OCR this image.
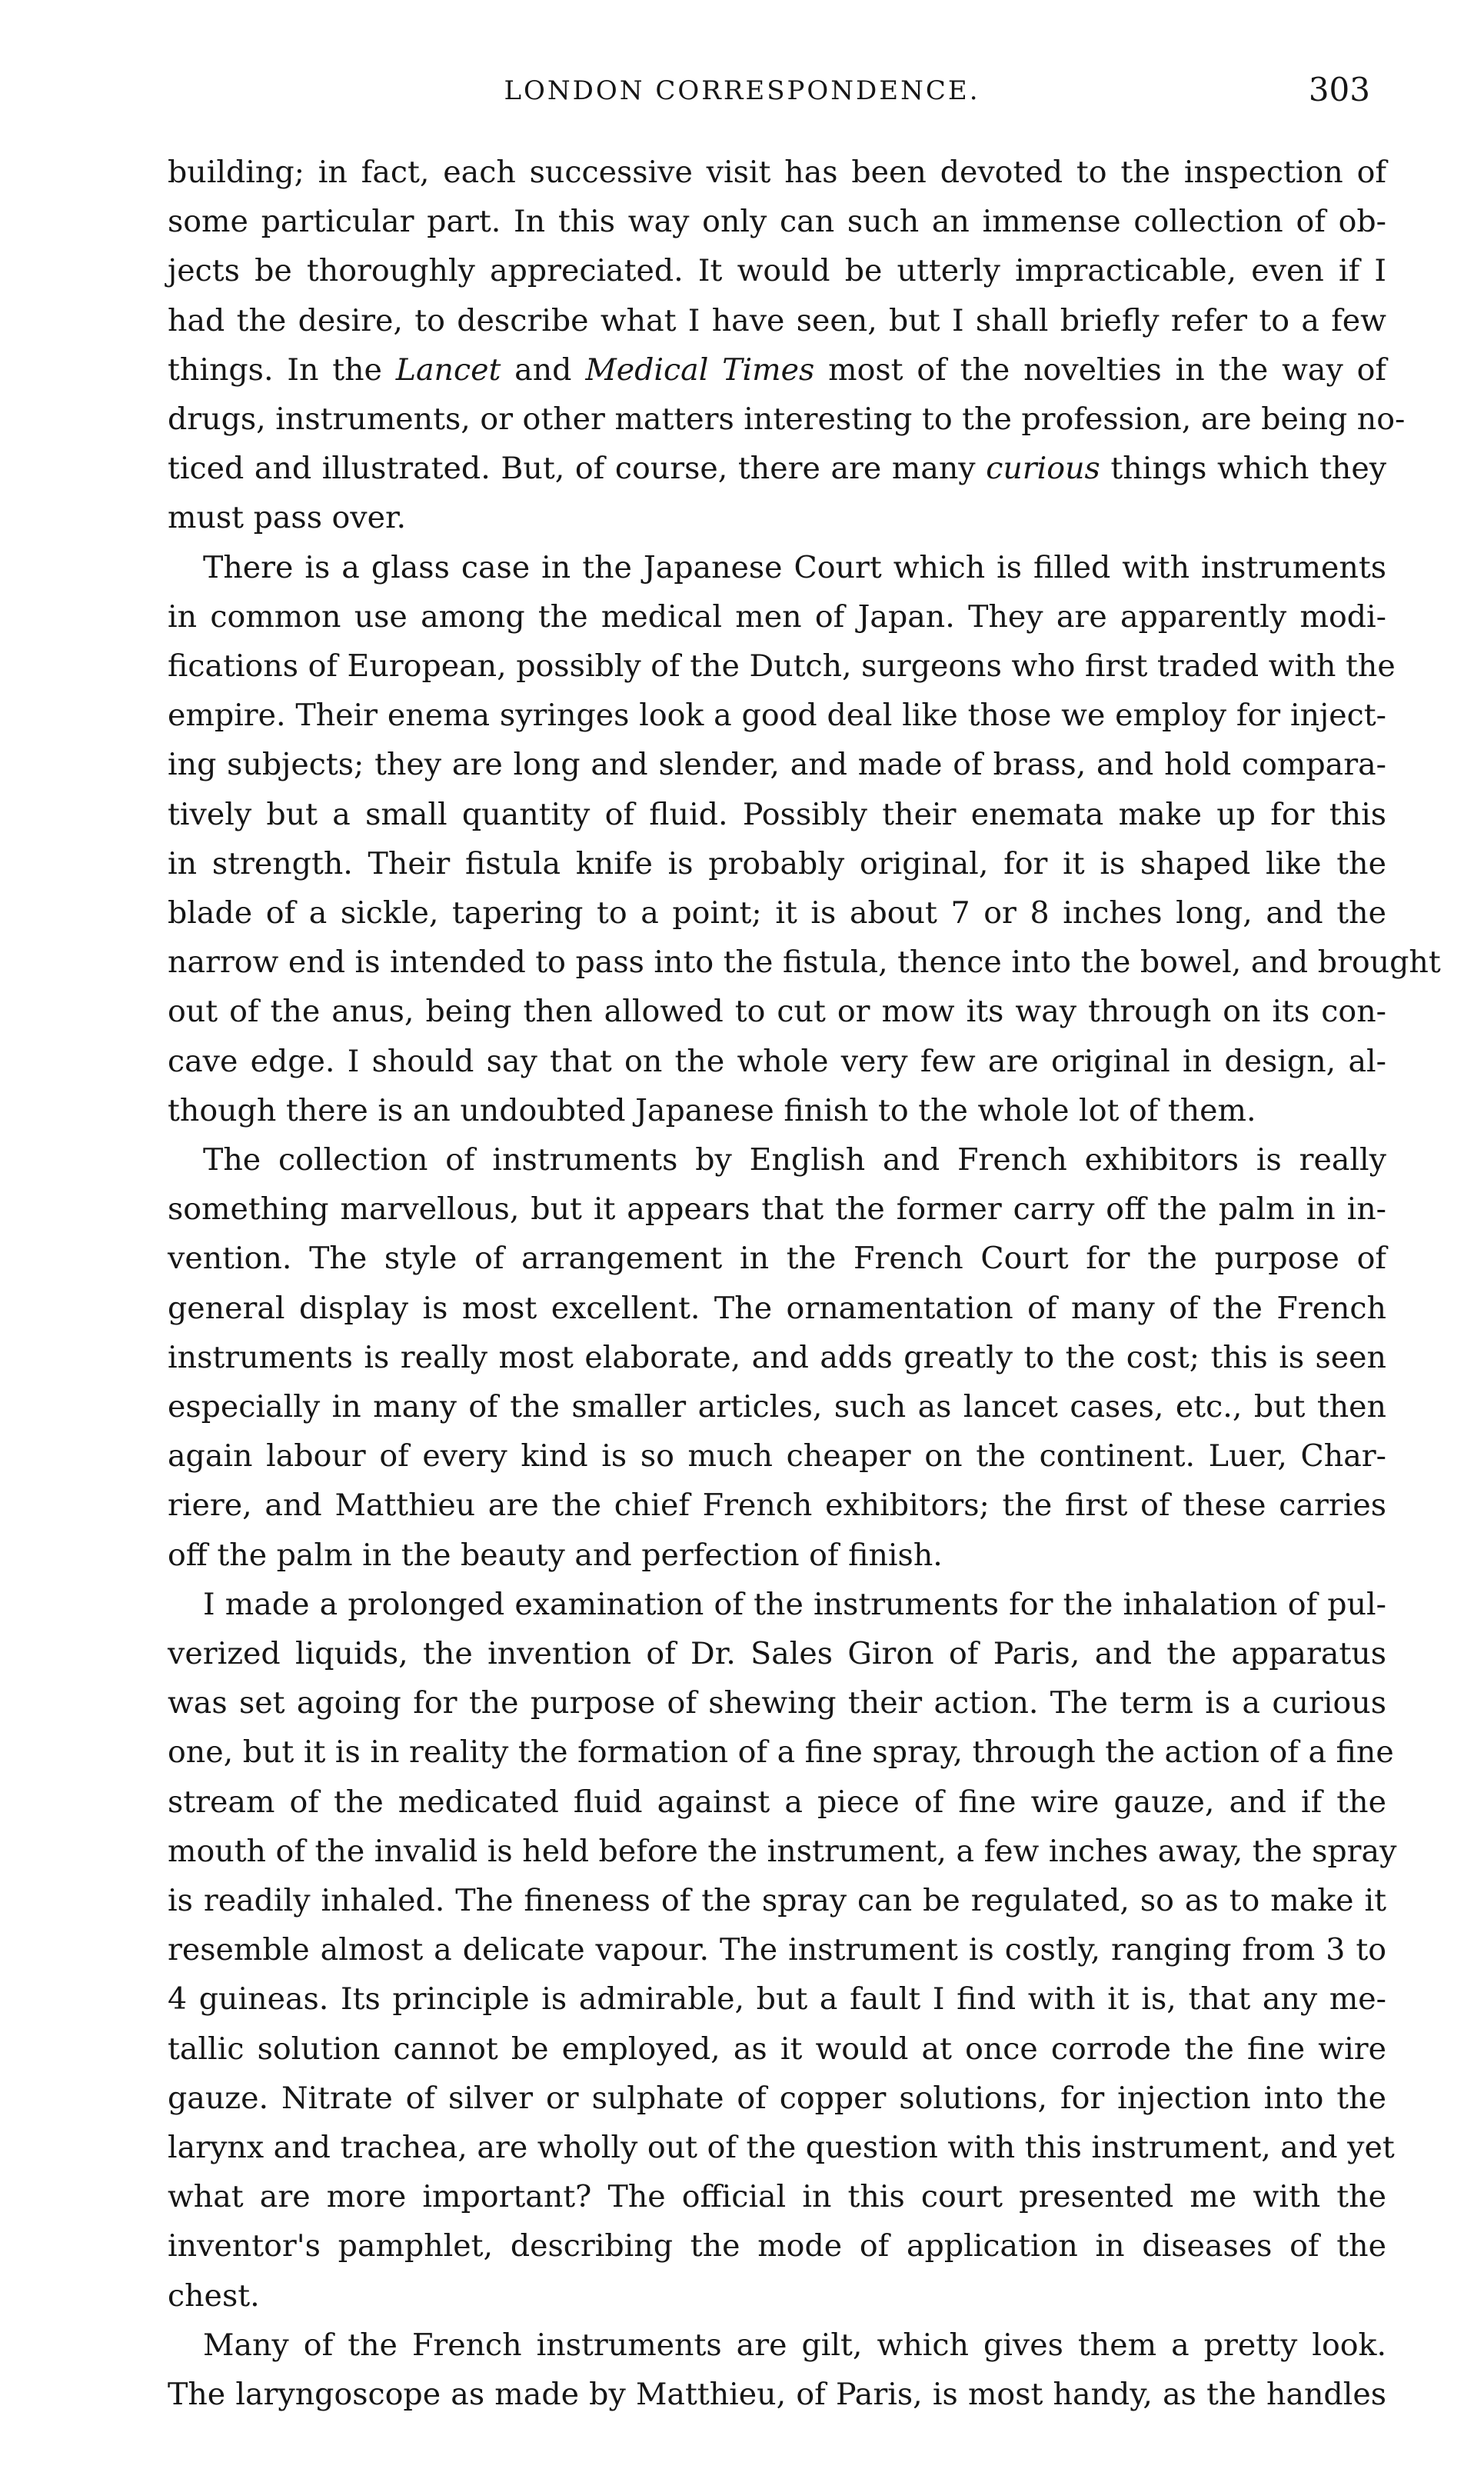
LONDON CORRESPONDENCE.	303
building; in fact, each successive visit has been devoted to the inspection of
some particular part. In this way only can such an immense collection of ob-
jects be thoroughly appreciated. It would be utterly impracticable, even if I
had the desire, to describe what I have seen, but I shall briefly refer to a few
things. In the Lancet and Medical Times most of the novelties in the way of
drugs, instruments, or other matters interesting to the profession, are being no-
ticed and illustrated. But, of course, there are many curious things which they
must pass over.
There is a glass case in the Japanese Court which is filled with instruments
in common use among the medical men of Japan. They are apparently modi-
fications of European, possibly of the Dutch, surgeons who first traded with the
empire. Their enema syringes look a good deal like those we employ for inject-
ing subjects; they are long and slender, and made of brass, and hold compara-
tively but a small quantity of fluid. Possibly their enemata make up for this
in strength. Their fistula knife is probably original, for it is shaped like the
blade of a sickle, tapering to a point; it is about 7 or 8 inches long, and the
narrow end is intended to pass into the fistula, thence into the bowel, and brought
out of the anus, being then allowed to cut or mow its way through on its con-
cave edge. I should say that on the whole very few are original in design, al-
though there is an undoubted Japanese finish to the whole lot of them.
The collection of instruments by English and French exhibitors is really
something marvellous, but it appears that the former carry off the palm in in-
vention. The style of arrangement in the French Court for the purpose of
general display is most excellent. The ornamentation of many of the French
instruments is really most elaborate, and adds greatly to the cost; this is seen
especially in many of the smaller articles, such as lancet cases, etc., but then
again labour of every kind is so much cheaper on the continent. Luer, Char-
riere, and Matthieu are the chief French exhibitors; the first of these carries
off the palm in the beauty and perfection of finish.
I made a prolonged examination of the instruments for the inhalation of pul-
verized liquids, the invention of Dr. Sales Giron of Paris, and the apparatus
was set agoing for the purpose of shewing their action. The term is a curious
one, but it is in reality the formation of a fine spray, through the action of a fine
stream of the medicated fluid against a piece of fine wire gauze, and if the
mouth of the invalid is held before the instrument, a few inches away, the spray
is readily inhaled. The fineness of the spray can be regulated, so as to make it
resemble almost a delicate vapour. The instrument is costly, ranging from 3 to
4 guineas. Its principle is admirable, but a fault I find with it is, that any me-
tallic solution cannot be employed, as it would at once corrode the fine wire
gauze. Nitrate of silver or sulphate of copper solutions, for injection into the
larynx and trachea, are wholly out of the question with this instrument, and yet
what are more important? The official in this court presented me with the
inventor's pamphlet, describing the mode of application in diseases of the
chest.
Many of the French instruments are gilt, which gives them a pretty look.
The laryngoscope as made by Matthieu, of Paris, is most handy, as the handles
